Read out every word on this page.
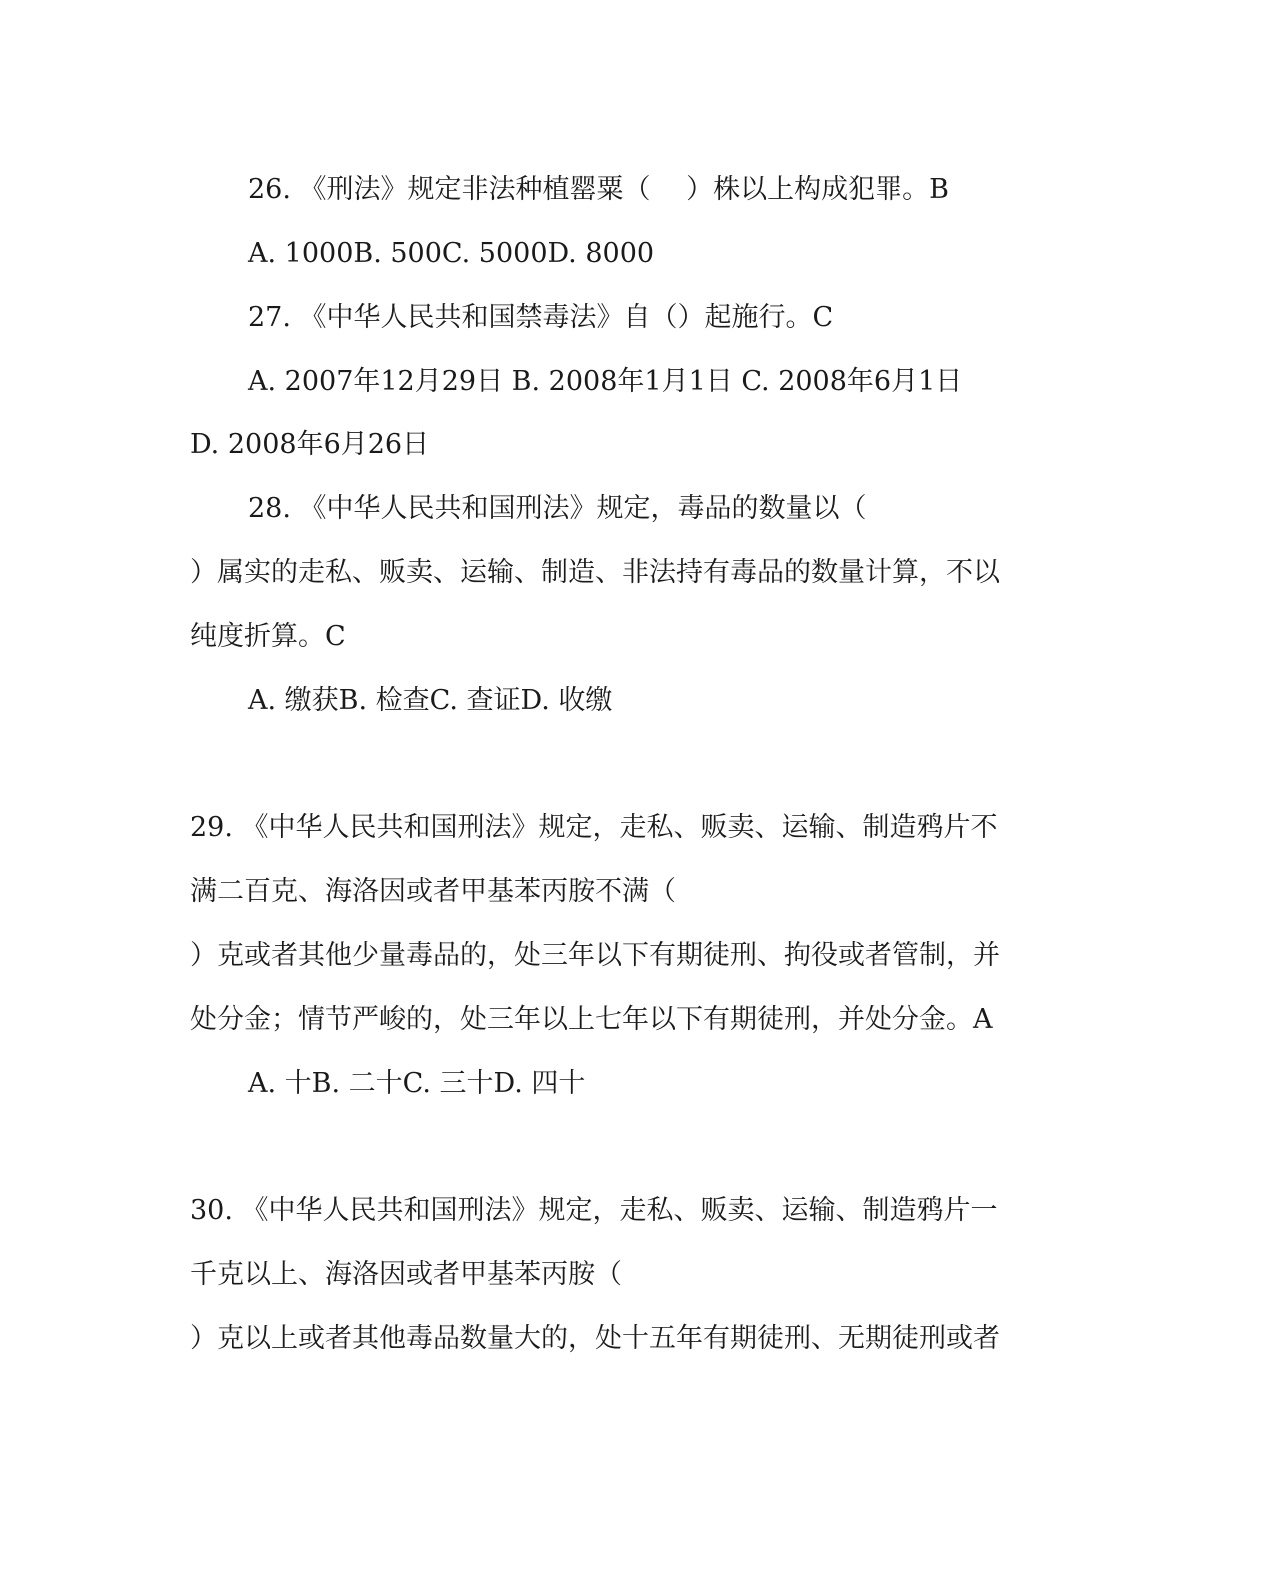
26. 《刑法》规定非法种植罂粟（　 ）株以上构成犯罪。B
A. 1000B. 500C. 5000D. 8000
27. 《中华人民共和国禁毒法》自（）起施行。C
A. 2007年12月29日 B. 2008年1月1日 C. 2008年6月1日
D. 2008年6月26日
28. 《中华人民共和国刑法》规定，毒品的数量以（
）属实的走私、贩卖、运输、制造、非法持有毒品的数量计算，不以
纯度折算。C
A. 缴获B. 检查C. 查证D. 收缴
29. 《中华人民共和国刑法》规定，走私、贩卖、运输、制造鸦片不
满二百克、海洛因或者甲基苯丙胺不满（
）克或者其他少量毒品的，处三年以下有期徒刑、拘役或者管制，并
处分金；情节严峻的，处三年以上七年以下有期徒刑，并处分金。A
A. 十B. 二十C. 三十D. 四十
30. 《中华人民共和国刑法》规定，走私、贩卖、运输、制造鸦片一
千克以上、海洛因或者甲基苯丙胺（
）克以上或者其他毒品数量大的，处十五年有期徒刑、无期徒刑或者
